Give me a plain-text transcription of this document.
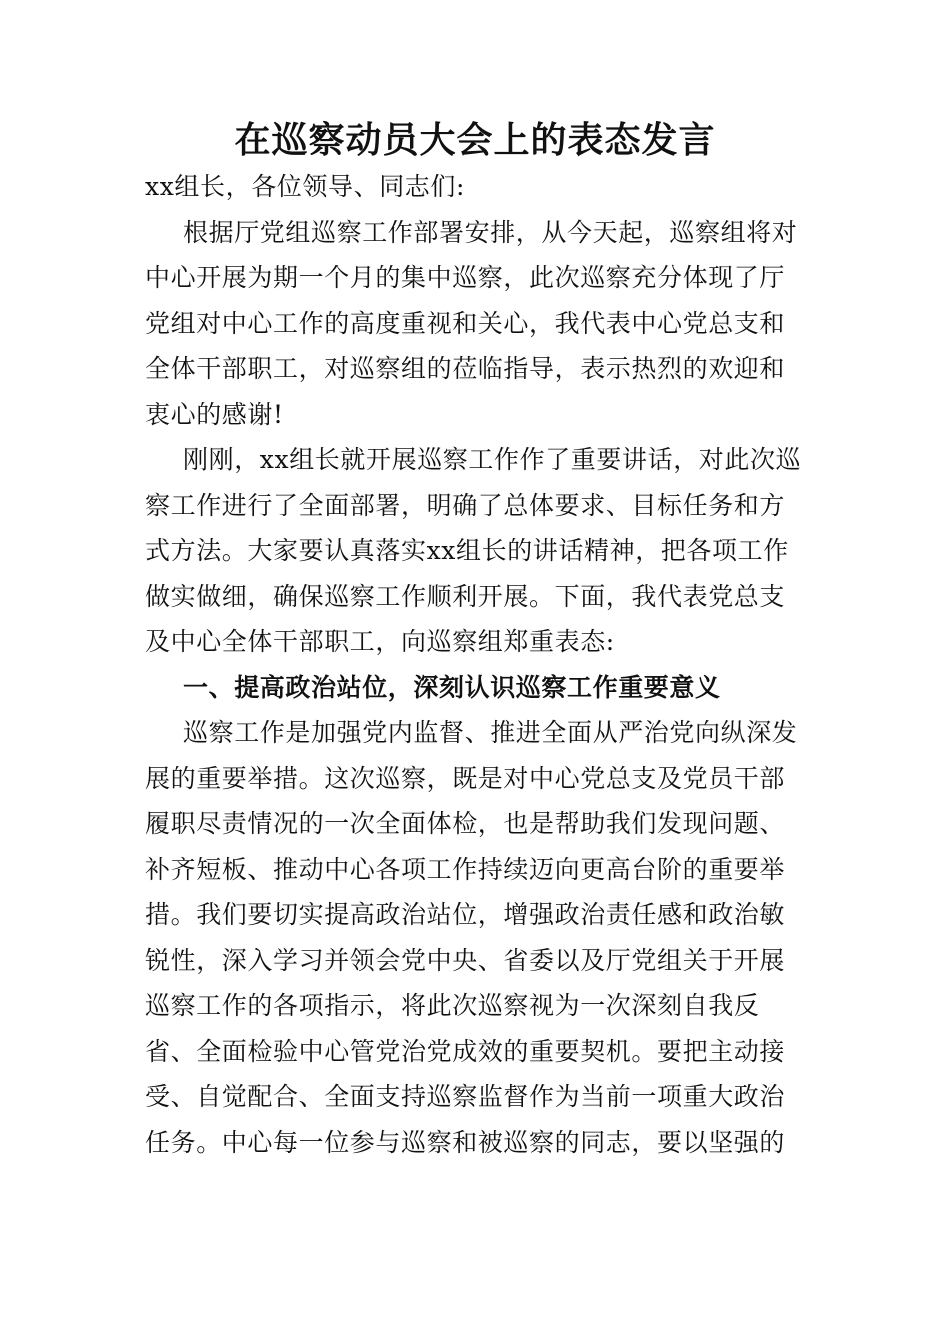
在巡察动员大会上的表态发言
xx组长，各位领导、同志们:
根据厅党组巡察工作部署安排，从今天起，巡察组将对
中心开展为期一个月的集中巡察，此次巡察充分体现了厅
党组对中心工作的高度重视和关心，我代表中心党总支和
全体干部职工，对巡察组的莅临指导，表示热烈的欢迎和
衷心的感谢!
刚刚，xx组长就开展巡察工作作了重要讲话，对此次巡
察工作进行了全面部署，明确了总体要求、目标任务和方
式方法。大家要认真落实xx组长的讲话精神，把各项工作
做实做细，确保巡察工作顺利开展。下面，我代表党总支
及中心全体干部职工，向巡察组郑重表态:
一、提高政治站位，深刻认识巡察工作重要意义
巡察工作是加强党内监督、推进全面从严治党向纵深发
展的重要举措。这次巡察，既是对中心党总支及党员干部
履职尽责情况的一次全面体检，也是帮助我们发现问题、
补齐短板、推动中心各项工作持续迈向更高台阶的重要举
措。我们要切实提高政治站位，增强政治责任感和政治敏
锐性，深入学习并领会党中央、省委以及厅党组关于开展
巡察工作的各项指示，将此次巡察视为一次深刻自我反
省、全面检验中心管党治党成效的重要契机。要把主动接
受、自觉配合、全面支持巡察监督作为当前一项重大政治
任务。中心每一位参与巡察和被巡察的同志，要以坚强的
